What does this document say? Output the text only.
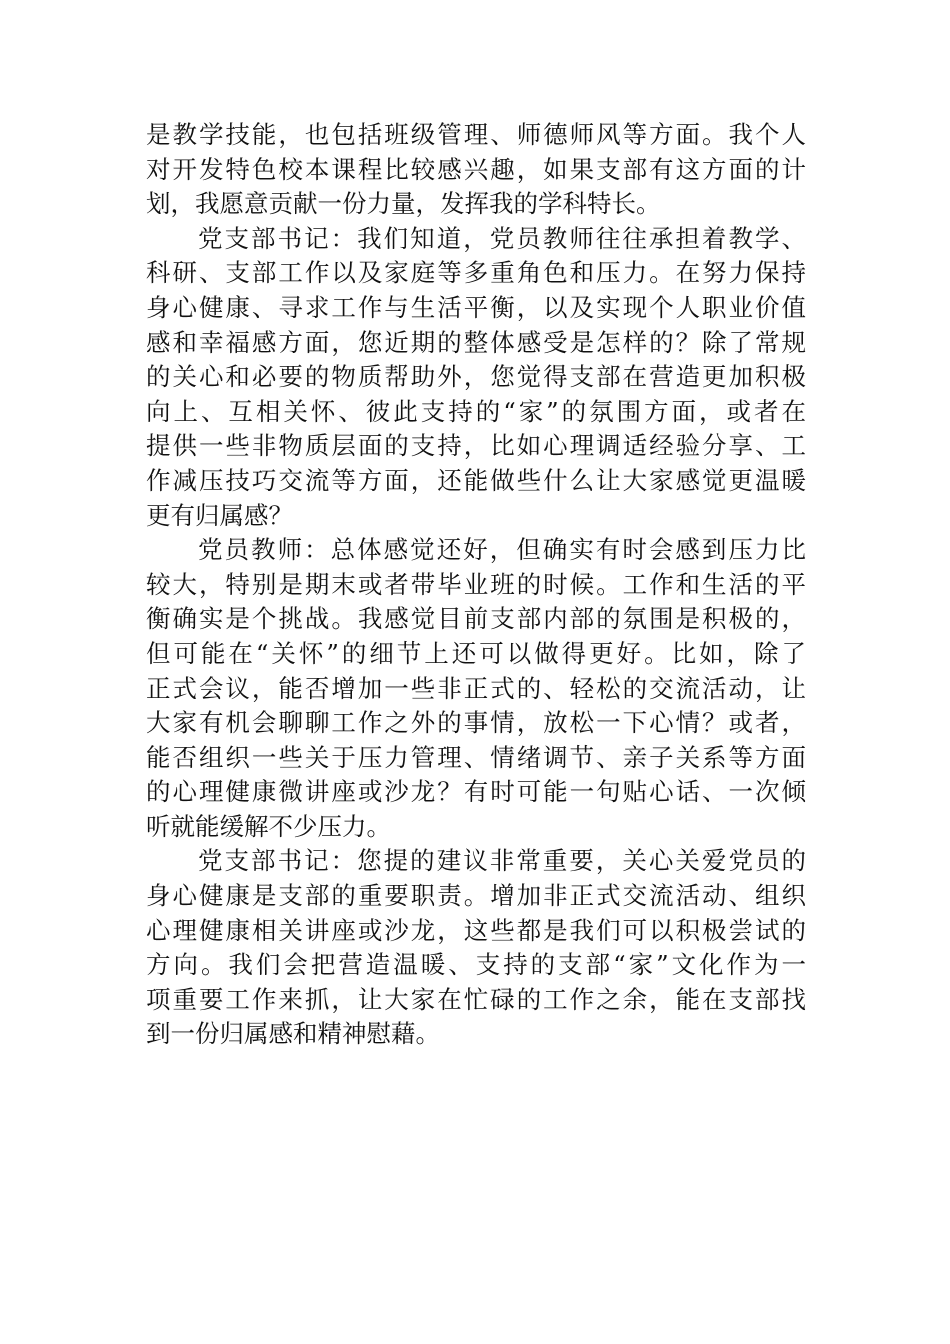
是教学技能，也包括班级管理、师德师风等方面。我个人
对开发特色校本课程比较感兴趣，如果支部有这方面的计
划，我愿意贡献一份力量，发挥我的学科特长。
党支部书记：我们知道，党员教师往往承担着教学、
科研、支部工作以及家庭等多重角色和压力。在努力保持
身心健康、寻求工作与生活平衡，以及实现个人职业价值
感和幸福感方面，您近期的整体感受是怎样的？除了常规
的关心和必要的物质帮助外，您觉得支部在营造更加积极
向上、互相关怀、彼此支持的“家”的氛围方面，或者在
提供一些非物质层面的支持，比如心理调适经验分享、工
作减压技巧交流等方面，还能做些什么让大家感觉更温暖
更有归属感？
党员教师：总体感觉还好，但确实有时会感到压力比
较大，特别是期末或者带毕业班的时候。工作和生活的平
衡确实是个挑战。我感觉目前支部内部的氛围是积极的，
但可能在“关怀”的细节上还可以做得更好。比如，除了
正式会议，能否增加一些非正式的、轻松的交流活动，让
大家有机会聊聊工作之外的事情，放松一下心情？或者，
能否组织一些关于压力管理、情绪调节、亲子关系等方面
的心理健康微讲座或沙龙？有时可能一句贴心话、一次倾
听就能缓解不少压力。
党支部书记：您提的建议非常重要，关心关爱党员的
身心健康是支部的重要职责。增加非正式交流活动、组织
心理健康相关讲座或沙龙，这些都是我们可以积极尝试的
方向。我们会把营造温暖、支持的支部“家”文化作为一
项重要工作来抓，让大家在忙碌的工作之余，能在支部找
到一份归属感和精神慰藉。
